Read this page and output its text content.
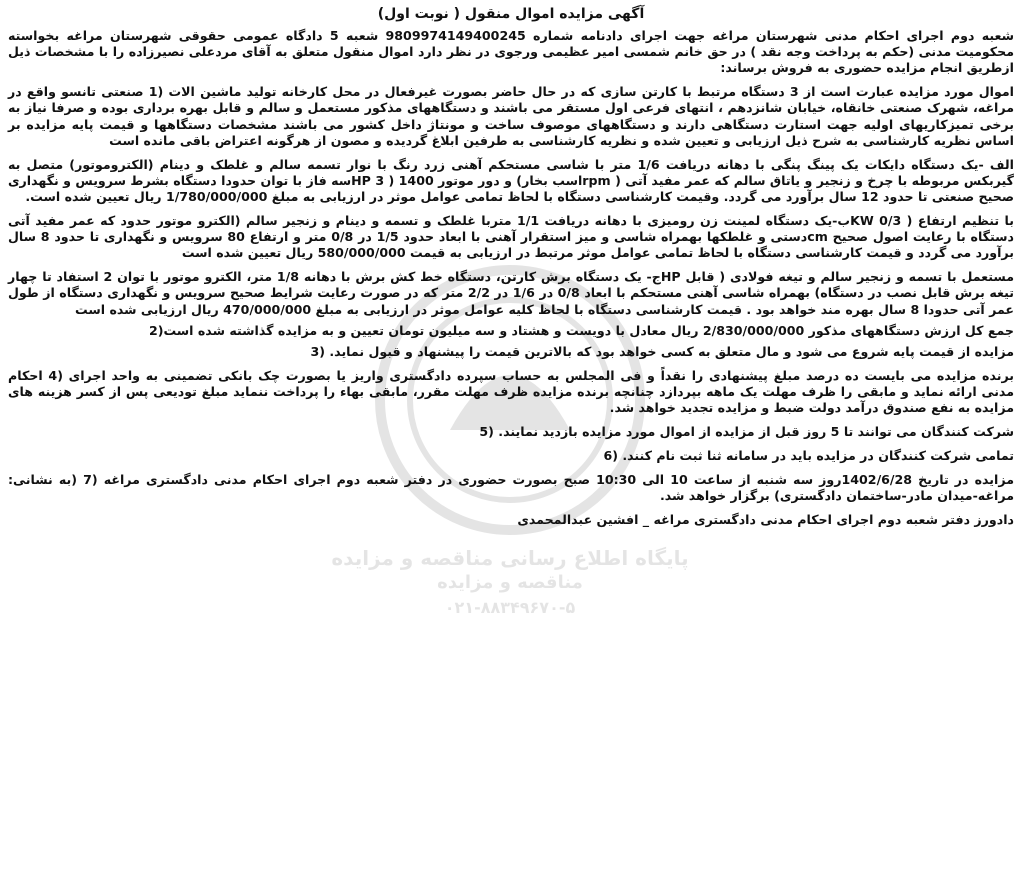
پایگاه اطلاع رسانی مناقصه و مزایده
مناقصه و مزایده
۰۲۱-۸۸۳۴۹۶۷۰-۵
آگهی مزایده اموال منقول ( نوبت اول)
شعبه دوم اجرای احکام مدنی شهرستان مراغه جهت اجرای دادنامه شماره 9809974149400245 شعبه 5 دادگاه عمومی حقوقی شهرستان مراغه بخواسته محکومیت مدنی (حکم به پرداخت وجه نقد ) در حق خانم شمسی امیر عظیمی ورجوی در نظر دارد اموال منقول متعلق به آقای مردعلی نصیرزاده را با مشخصات ذیل ازطریق انجام مزایده حضوری به فروش برساند:
اموال مورد مزایده عبارت است از 3 دستگاه مرتبط با کارتن سازی که در حال حاضر بصورت غیرفعال در محل کارخانه تولید ماشین الات (1 صنعتی تانسو واقع در مراغه، شهرک صنعتی خانقاه، خیابان شانزدهم ، انتهای فرعی اول مستقر می باشند و دستگاههای مذکور مستعمل و سالم و قابل بهره برداری بوده و صرفا نیاز به برخی تمیزکاریهای اولیه جهت استارت دستگاهی دارند و دستگاههای موصوف ساخت و مونتاژ داخل کشور می باشند مشخصات دستگاهها و قیمت پایه مزایده بر اساس نظریه کارشناسی به شرح ذیل ارزیابی و تعیین شده و نظریه کارشناسی به طرفین ابلاغ گردیده و مصون از هرگونه اعتراض باقی مانده است
الف -یک دستگاه دایکات یک پینگ پنگی با دهانه دریافت 1/6 متر با شاسی مستحکم آهنی زرد رنگ با نوار تسمه سالم و غلطک و دینام (الکتروموتور) متصل به گیربکس مربوطه با چرخ و زنجیر و یاتاق سالم که عمر مفید آتی ( rpmاسب بخار) و دور موتور 1400 ( HP 3سه فاز با توان حدودا دستگاه بشرط سرویس و نگهداری صحیح صنعتی تا حدود 12 سال برآورد می گردد. وقیمت کارشناسی دستگاه با لحاظ تمامی عوامل موثر در ارزیابی به مبلغ 1/780/000/000 ریال تعیین شده است.
با تنظیم ارتفاع ( KW 0/3ب-یک دستگاه لمینت زن رومیزی با دهانه دریافت 1/1 متربا غلطک و تسمه و دینام و زنجیر سالم (الکترو موتور حدود که عمر مفید آتی دستگاه با رعایت اصول صحیح cmدستی و غلطکها بهمراه شاسی و میز استقرار آهنی با ابعاد حدود 1/5 در 0/8 متر و ارتفاع 80 سرویس و نگهداری تا حدود 8 سال برآورد می گردد و قیمت کارشناسی دستگاه با لحاظ تمامی عوامل موثر مرتبط در ارزیابی به قیمت 580/000/000 ریال تعیین شده است
مستعمل با تسمه و زنجیر سالم و تیغه فولادی ( قابل HPج- یک دستگاه برش کارتن، دستگاه خط کش برش با دهانه 1/8 متر، الکترو موتور با توان 2 استفاد تا چهار تیغه برش قابل نصب در دستگاه) بهمراه شاسی آهنی مستحکم با ابعاد 0/8 در 1/6 در 2/2 متر که در صورت رعایت شرایط صحیح سرویس و نگهداری دستگاه از طول عمر آتی حدودا 8 سال بهره مند خواهد بود . قیمت کارشناسی دستگاه با لحاظ کلیه عوامل موثر در ارزیابی به مبلغ 470/000/000 ریال ارزیابی شده است
جمع کل ارزش دستگاههای مذکور 2/830/000/000 ریال معادل با دویست و هشتاد و سه میلیون تومان تعیین و به مزایده گذاشته شده است(2
مزایده از قیمت پایه شروع می شود و مال متعلق به کسی خواهد بود که بالاترین قیمت را پیشنهاد و قبول نماید. (3
برنده مزایده می بایست ده درصد مبلغ پیشنهادی را نقداً و فی المجلس به حساب سپرده دادگستری واریز یا بصورت چک بانکی تضمینی به واحد اجرای (4 احکام مدنی ارائه نماید و مابقی را ظرف مهلت یک ماهه بپردازد چنانچه برنده مزایده ظرف مهلت مقرر، مابقی بهاء را پرداخت ننماید مبلغ تودیعی پس از کسر هزینه های مزایده به نفع صندوق درآمد دولت ضبط و مزایده تجدید خواهد شد.
شرکت کنندگان می توانند تا 5 روز قبل از مزایده از اموال مورد مزایده بازدید نمایند. (5
تمامی شرکت کنندگان در مزایده باید در سامانه ثنا ثبت نام کنند. (6
مزایده در تاریخ 1402/6/28روز سه شنبه از ساعت 10 الی 10:30 صبح بصورت حضوری در دفتر شعبه دوم اجرای احکام مدنی دادگستری مراغه (7 (به نشانی: مراغه-میدان مادر-ساختمان دادگستری) برگزار خواهد شد.
دادورز دفتر شعبه دوم اجرای احکام مدنی دادگستری مراغه _ افشین عبدالمحمدی
